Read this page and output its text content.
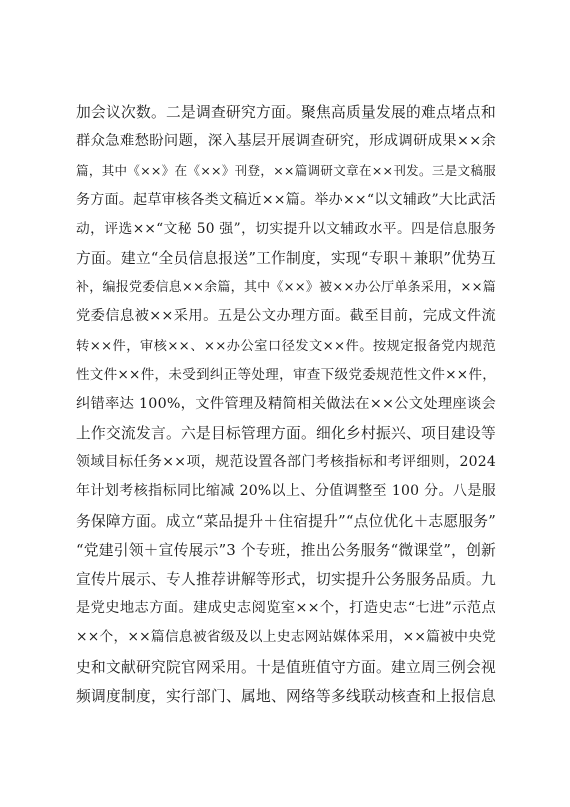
加会议次数。二是调查研究方面。聚焦高质量发展的难点堵点和
群众急难愁盼问题，深入基层开展调查研究，形成调研成果××余
篇，其中《××》在《××》刊登，××篇调研文章在××刊发。三是文稿服
务方面。起草审核各类文稿近××篇。举办××“以文辅政”大比武活
动，评选××“文秘 50 强”，切实提升以文辅政水平。四是信息服务
方面。建立“全员信息报送”工作制度，实现“专职＋兼职”优势互
补，编报党委信息××余篇，其中《××》被××办公厅单条采用，××篇
党委信息被××采用。五是公文办理方面。截至目前，完成文件流
转××件，审核××、××办公室口径发文××件。按规定报备党内规范
性文件××件，未受到纠正等处理，审查下级党委规范性文件××件，
纠错率达 100%，文件管理及精简相关做法在××公文处理座谈会
上作交流发言。六是目标管理方面。细化乡村振兴、项目建设等
领域目标任务××项，规范设置各部门考核指标和考评细则，2024
年计划考核指标同比缩减 20%以上、分值调整至 100 分。八是服
务保障方面。成立“菜品提升＋住宿提升”“点位优化＋志愿服务”
“党建引领＋宣传展示”3 个专班，推出公务服务“微课堂”，创新
宣传片展示、专人推荐讲解等形式，切实提升公务服务品质。九
是党史地志方面。建成史志阅览室××个，打造史志“七进”示范点
××个，××篇信息被省级及以上史志网站媒体采用，××篇被中央党
史和文献研究院官网采用。十是值班值守方面。建立周三例会视
频调度制度，实行部门、属地、网络等多线联动核查和上报信息
